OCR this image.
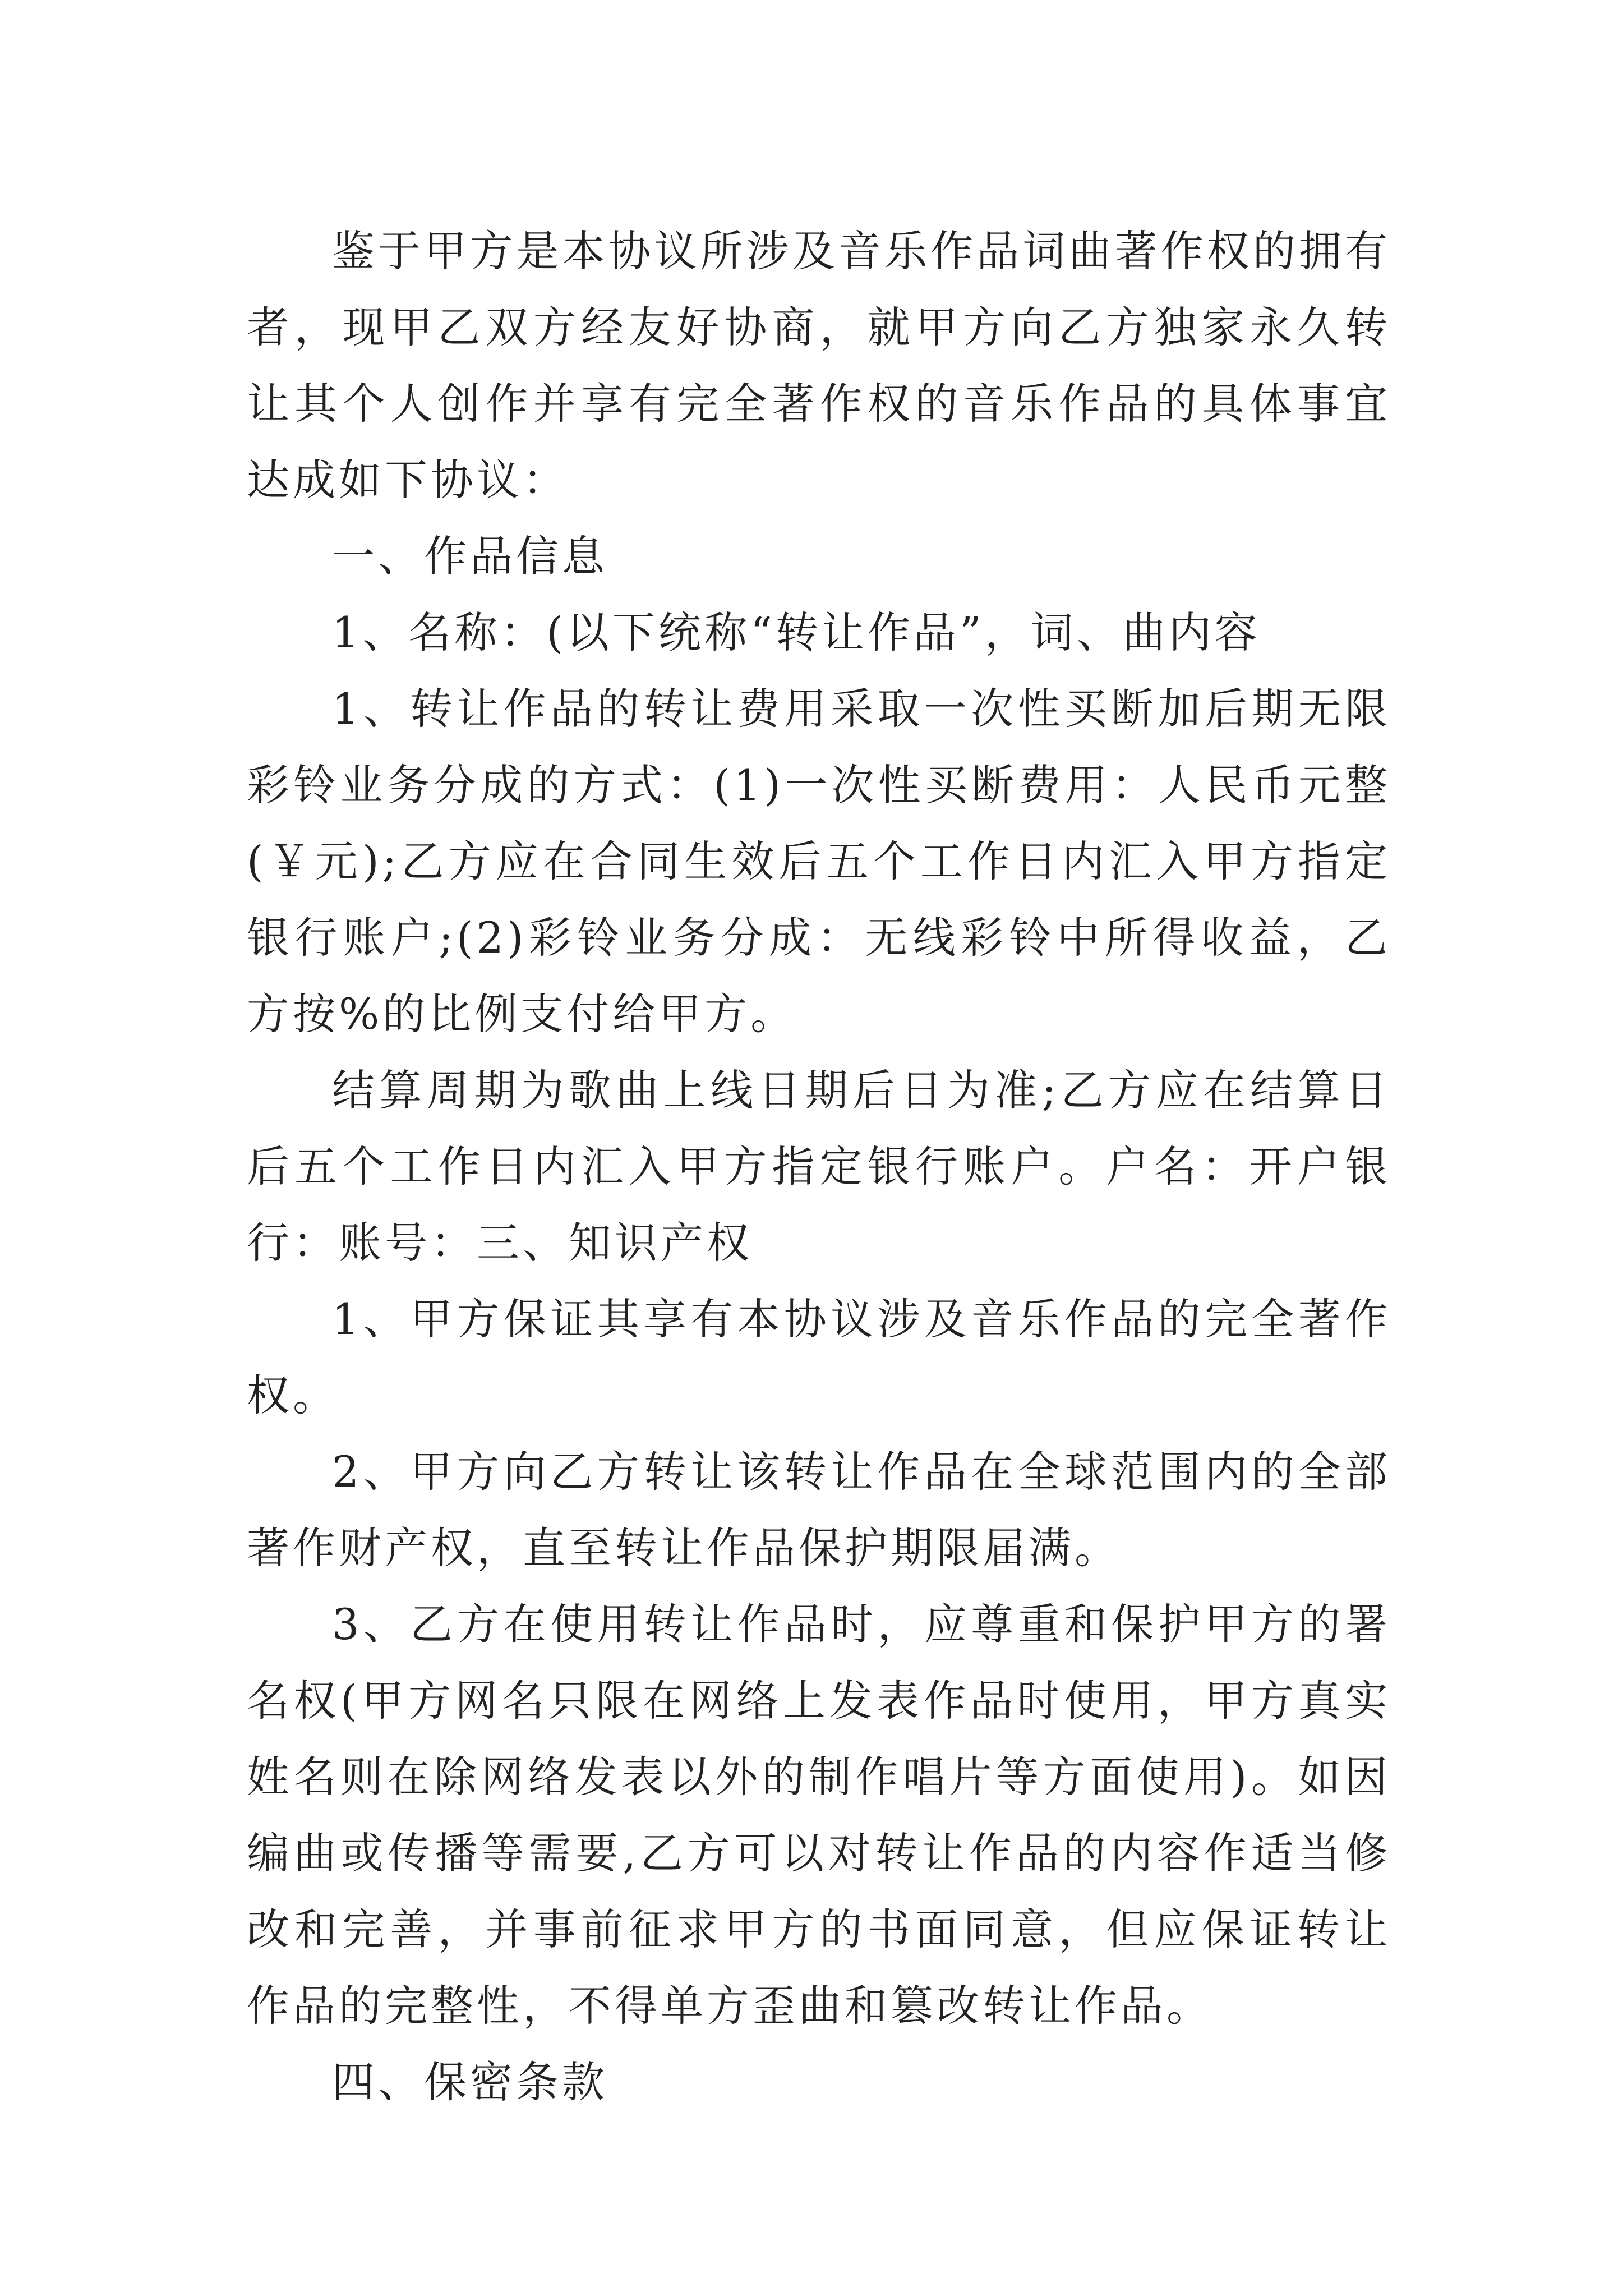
鉴于甲方是本协议所涉及音乐作品词曲著作权的拥有者，现甲乙双方经友好协商，就甲方向乙方独家永久转让其个人创作并享有完全著作权的音乐作品的具体事宜达成如下协议：

一、作品信息

1、名称：(以下统称“转让作品”，词、曲内容

1、转让作品的转让费用采取一次性买断加后期无限彩铃业务分成的方式：(1)一次性买断费用：人民币元整(￥元);乙方应在合同生效后五个工作日内汇入甲方指定银行账户;(2)彩铃业务分成：无线彩铃中所得收益，乙方按%的比例支付给甲方。

结算周期为歌曲上线日期后日为准;乙方应在结算日后五个工作日内汇入甲方指定银行账户。户名：开户银行：账号：三、知识产权

1、甲方保证其享有本协议涉及音乐作品的完全著作权。

2、甲方向乙方转让该转让作品在全球范围内的全部著作财产权，直至转让作品保护期限届满。

3、乙方在使用转让作品时，应尊重和保护甲方的署名权(甲方网名只限在网络上发表作品时使用，甲方真实姓名则在除网络发表以外的制作唱片等方面使用)。如因编曲或传播等需要,乙方可以对转让作品的内容作适当修改和完善，并事前征求甲方的书面同意，但应保证转让作品的完整性，不得单方歪曲和篡改转让作品。

四、保密条款
